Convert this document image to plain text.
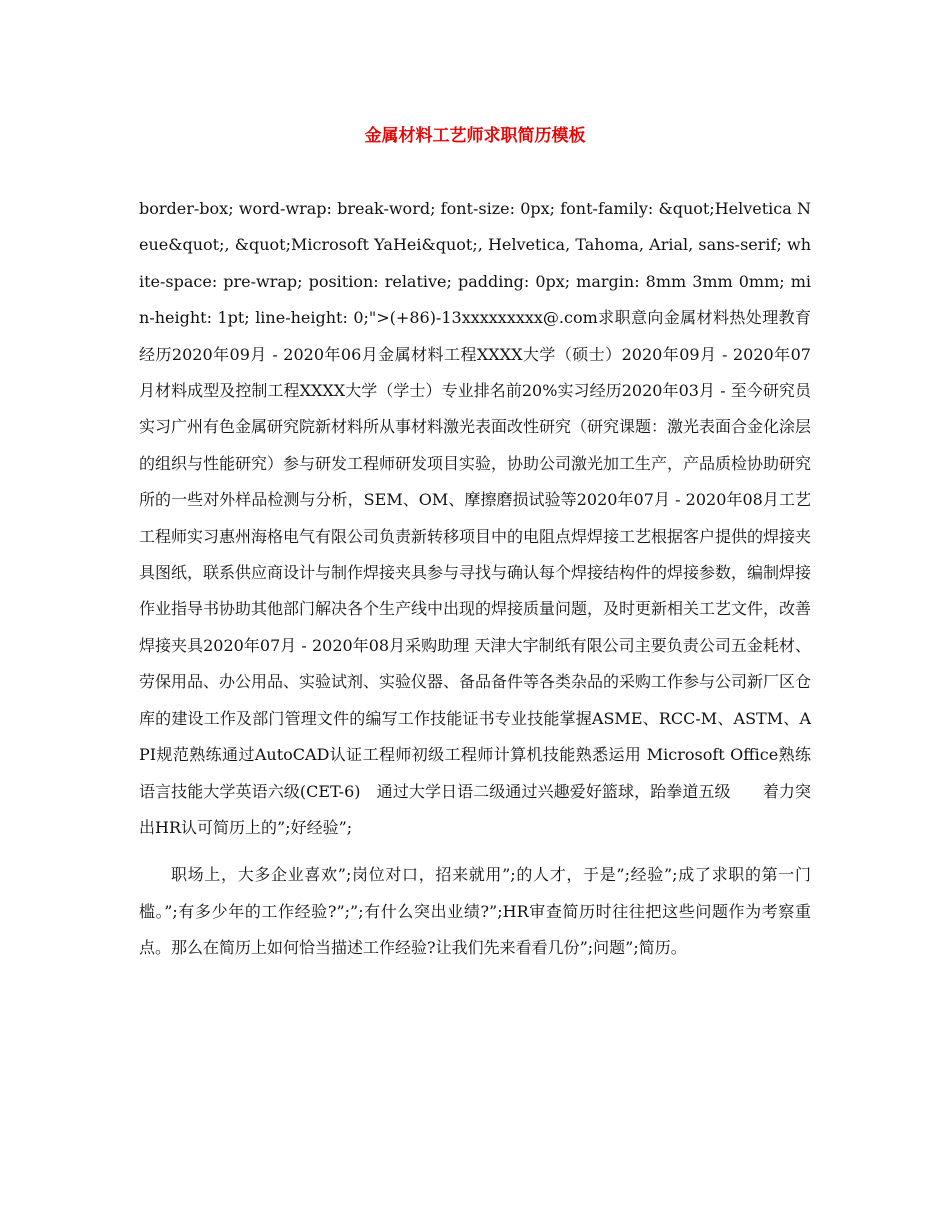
金属材料工艺师求职简历模板

border-box; word-wrap: break-word; font-size: 0px; font-family: &quot;Helvetica Neue&quot;, &quot;Microsoft YaHei&quot;, Helvetica, Tahoma, Arial, sans-serif; white-space: pre-wrap; position: relative; padding: 0px; margin: 8mm 3mm 0mm; min-height: 1pt; line-height: 0;">(+86)-13xxxxxxxxx@.com求职意向金属材料热处理教育经历2020年09月 - 2020年06月金属材料工程XXXX大学（硕士）2020年09月 - 2020年07月材料成型及控制工程XXXX大学（学士）专业排名前20%实习经历2020年03月 - 至今研究员实习广州有色金属研究院新材料所从事材料激光表面改性研究（研究课题：激光表面合金化涂层的组织与性能研究）参与研发工程师研发项目实验，协助公司激光加工生产，产品质检协助研究所的一些对外样品检测与分析，SEM、OM、摩擦磨损试验等2020年07月 - 2020年08月工艺工程师实习惠州海格电气有限公司负责新转移项目中的电阻点焊焊接工艺根据客户提供的焊接夹具图纸，联系供应商设计与制作焊接夹具参与寻找与确认每个焊接结构件的焊接参数，编制焊接作业指导书协助其他部门解决各个生产线中出现的焊接质量问题，及时更新相关工艺文件，改善焊接夹具2020年07月 - 2020年08月采购助理 天津大宇制纸有限公司主要负责公司五金耗材、劳保用品、办公用品、实验试剂、实验仪器、备品备件等各类杂品的采购工作参与公司新厂区仓库的建设工作及部门管理文件的编写工作技能证书专业技能掌握ASME、RCC-M、ASTM、API规范熟练通过AutoCAD认证工程师初级工程师计算机技能熟悉运用 Microsoft Office熟练语言技能大学英语六级(CET-6)　通过大学日语二级通过兴趣爱好篮球，跆拳道五级　　着力突出HR认可简历上的”;好经验”;

职场上，大多企业喜欢”;岗位对口，招来就用”;的人才，于是”;经验”;成了求职的第一门槛。”;有多少年的工作经验?”;”;有什么突出业绩?”;HR审查简历时往往把这些问题作为考察重点。那么在简历上如何恰当描述工作经验?让我们先来看看几份”;问题”;简历。
